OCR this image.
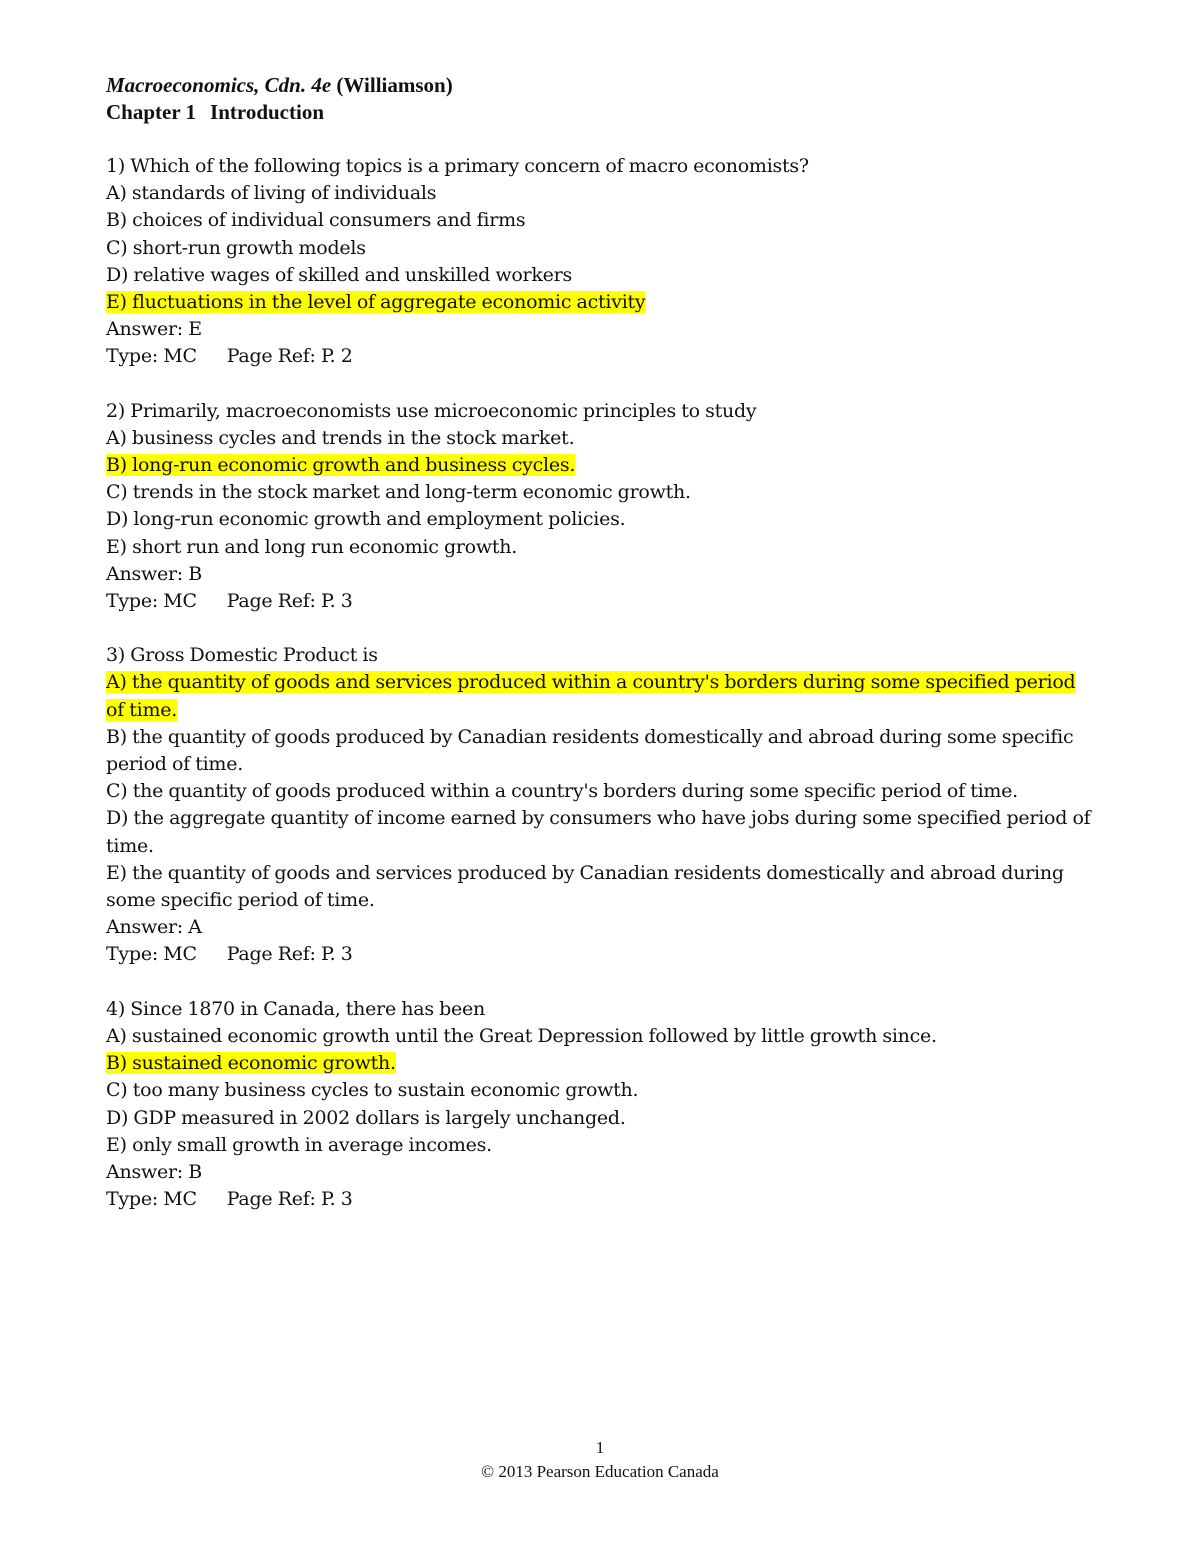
Macroeconomics, Cdn. 4e (Williamson)
Chapter 1 Introduction
1) Which of the following topics is a primary concern of macro economists?
A) standards of living of individuals
B) choices of individual consumers and firms
C) short-run growth models
D) relative wages of skilled and unskilled workers
E) fluctuations in the level of aggregate economic activity
Answer: E
Type: MC Page Ref: P. 2
2) Primarily, macroeconomists use microeconomic principles to study
A) business cycles and trends in the stock market.
B) long-run economic growth and business cycles.
C) trends in the stock market and long-term economic growth.
D) long-run economic growth and employment policies.
E) short run and long run economic growth.
Answer: B
Type: MC Page Ref: P. 3
3) Gross Domestic Product is
A) the quantity of goods and services produced within a country's borders during some specified period of time.
B) the quantity of goods produced by Canadian residents domestically and abroad during some specific period of time.
C) the quantity of goods produced within a country's borders during some specific period of time.
D) the aggregate quantity of income earned by consumers who have jobs during some specified period of time.
E) the quantity of goods and services produced by Canadian residents domestically and abroad during some specific period of time.
Answer: A
Type: MC Page Ref: P. 3
4) Since 1870 in Canada, there has been
A) sustained economic growth until the Great Depression followed by little growth since.
B) sustained economic growth.
C) too many business cycles to sustain economic growth.
D) GDP measured in 2002 dollars is largely unchanged.
E) only small growth in average incomes.
Answer: B
Type: MC Page Ref: P. 3
1
© 2013 Pearson Education Canada
